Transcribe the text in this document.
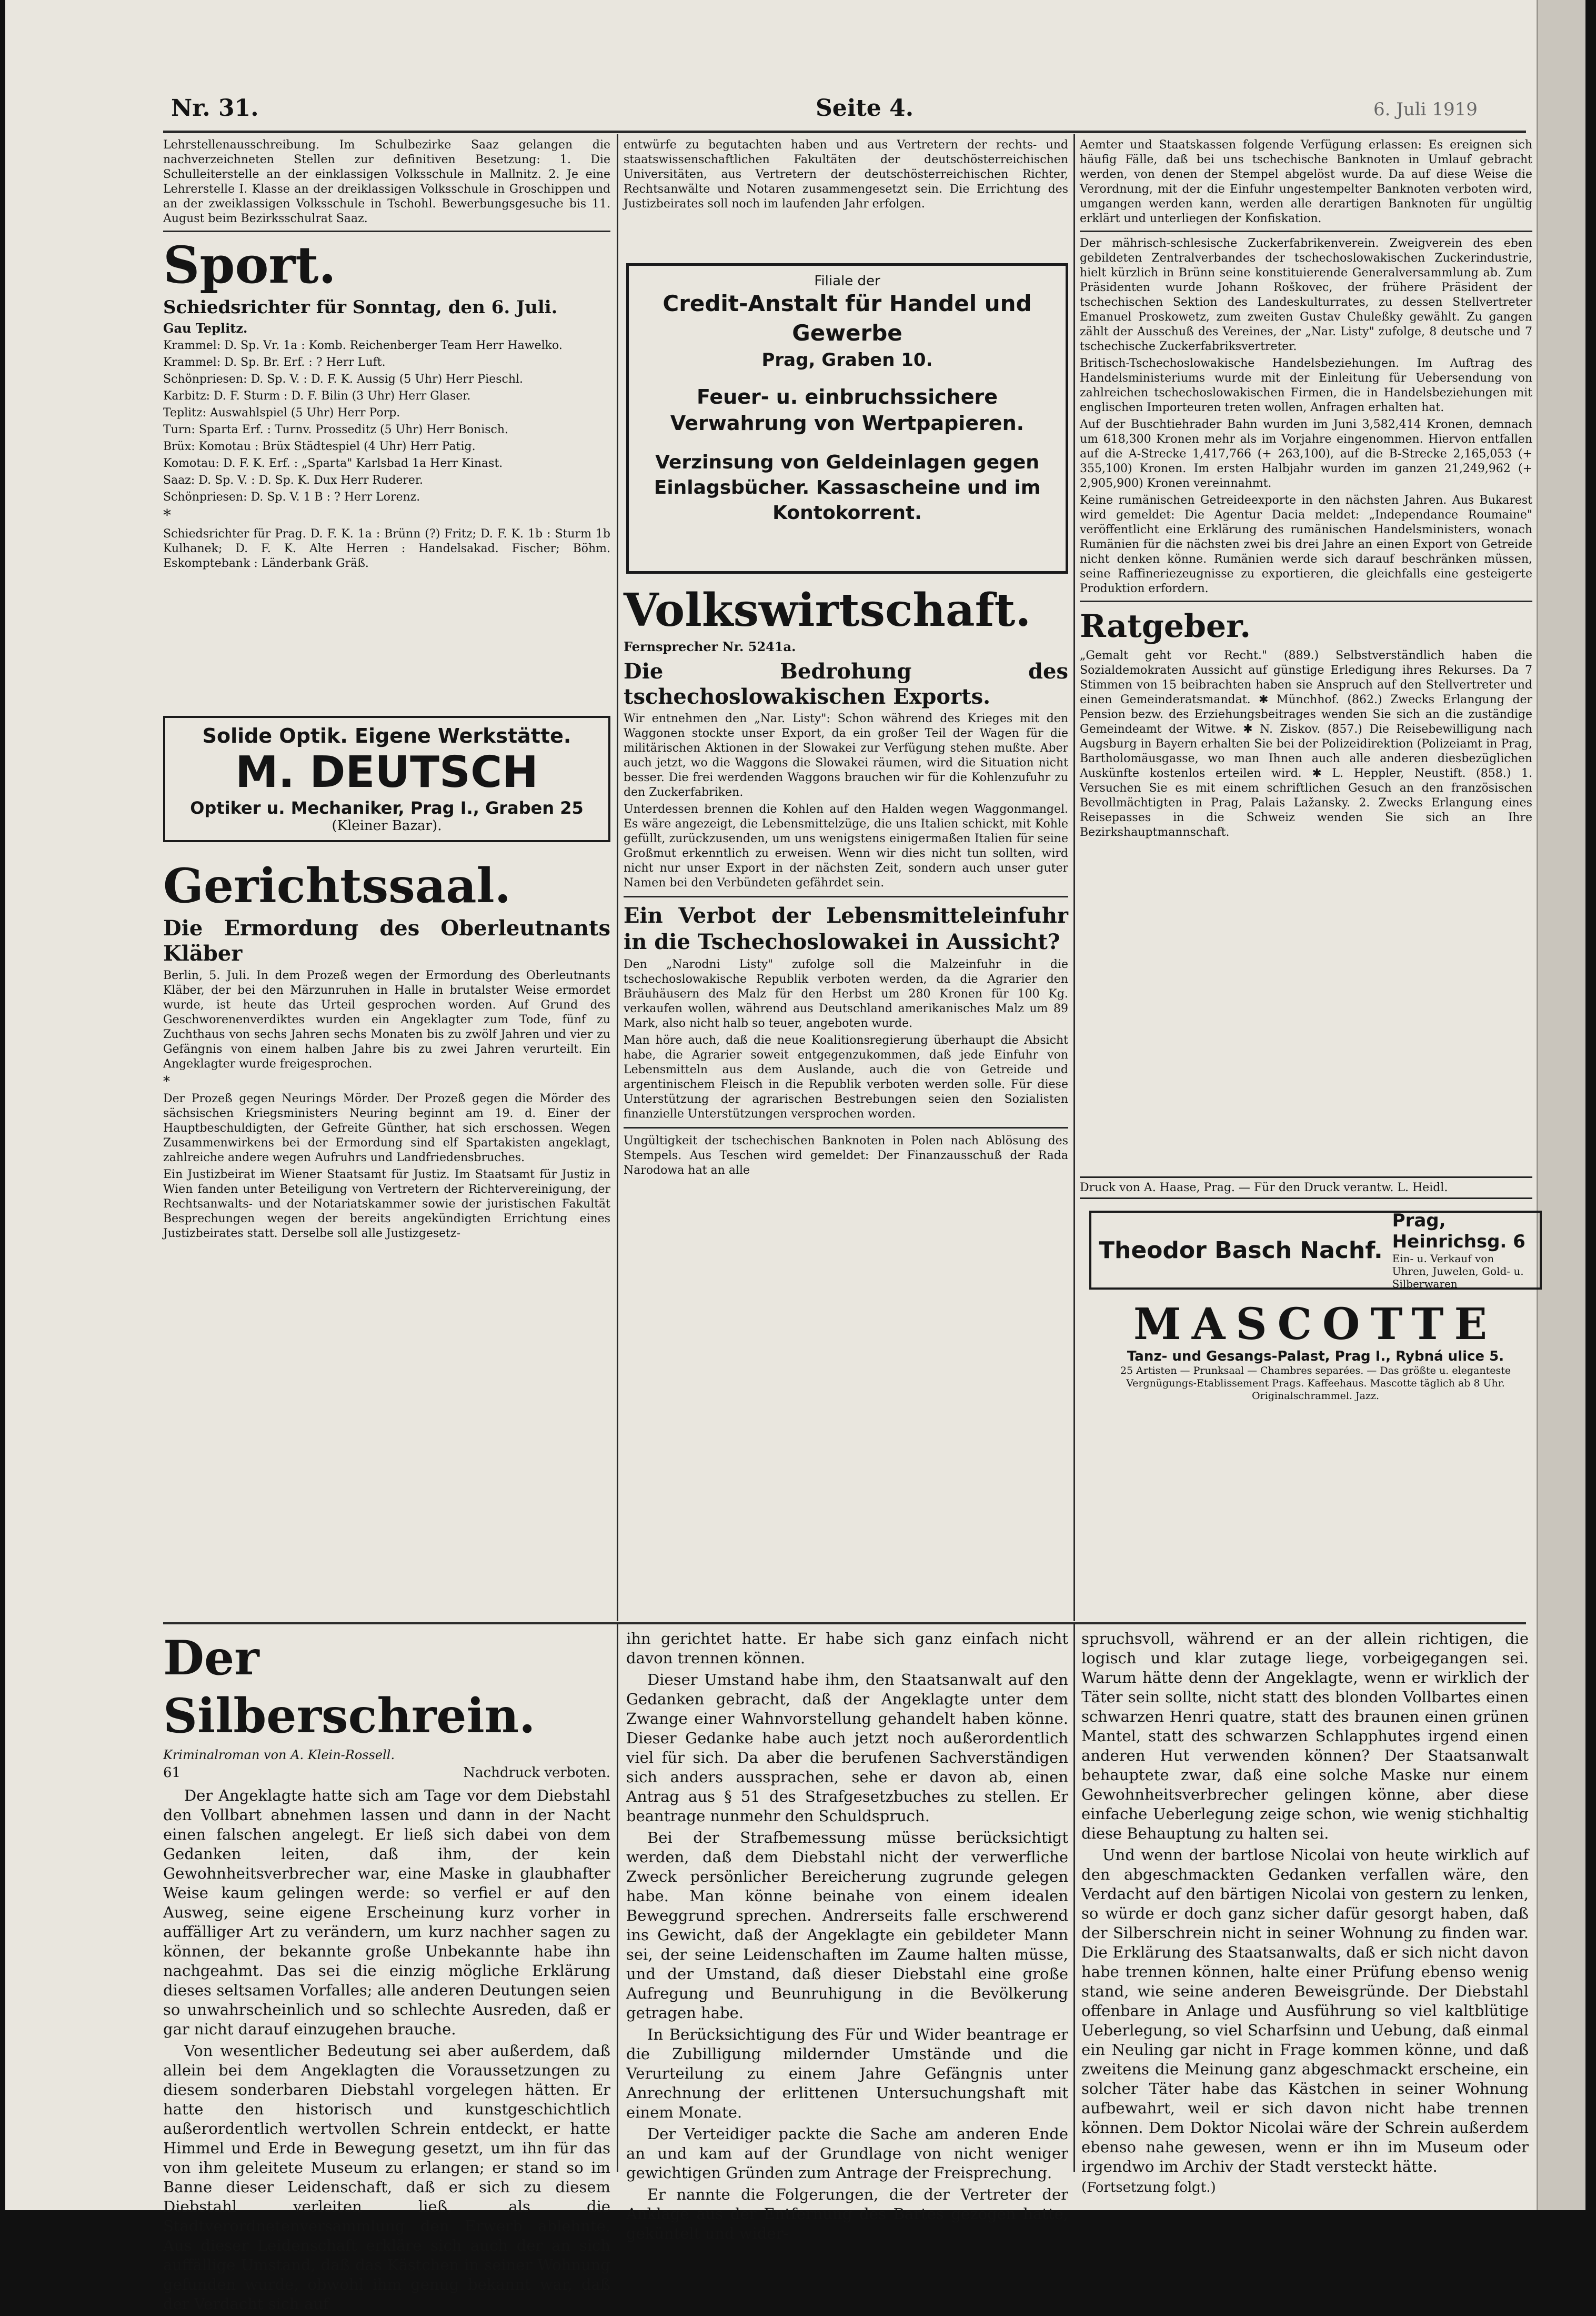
Nr. 31.	Seite 4.	6. Juli 1919

Lehrstellenausschreibung. Im Schulbezirke Saaz gelangen die nachverzeichneten Stellen zur definitiven Besetzung: 1. Die Schulleiterstelle an der einklassigen Volksschule in Mallnitz. 2. Je eine Lehrerstelle I. Klasse an der dreiklassigen Volksschule in Groschippen und an der zweiklassigen Volksschule in Tschohl. Bewerbungsgesuche bis 11. August beim Bezirksschulrat Saaz.

Sport.

Schiedsrichter für Sonntag, den 6. Juli.

Gau Teplitz.

Krammel: D. Sp. Vr. 1a : Komb. Reichenberger Team Herr Hawelko.

Krammel: D. Sp. Br. Erf. : ? Herr Luft.

Schönpriesen: D. Sp. V. : D. F. K. Aussig (5 Uhr) Herr Pieschl.

Karbitz: D. F. Sturm : D. F. Bilin (3 Uhr) Herr Glaser.

Teplitz: Auswahlspiel (5 Uhr) Herr Porp.

Turn: Sparta Erf. : Turnv. Prosseditz (5 Uhr) Herr Bonisch.

Brüx: Komotau : Brüx Städtespiel (4 Uhr) Herr Patig.

Komotau: D. F. K. Erf. : „Sparta" Karlsbad 1a Herr Kinast.

Saaz: D. Sp. V. : D. Sp. K. Dux Herr Ruderer.

Schönpriesen: D. Sp. V. 1 B : ? Herr Lorenz.

*

Schiedsrichter für Prag. D. F. K. 1a : Brünn (?) Fritz; D. F. K. 1b : Sturm 1b Kulhanek; D. F. K. Alte Herren : Handelsakad. Fischer; Böhm. Eskomptebank : Länderbank Gräß.

Solide Optik. Eigene Werkstätte.

M. DEUTSCH

Optiker u. Mechaniker, Prag I., Graben 25

(Kleiner Bazar).

Gerichtssaal.

Die Ermordung des Oberleutnants Kläber

Berlin, 5. Juli. In dem Prozeß wegen der Ermordung des Oberleutnants Kläber, der bei den Märzunruhen in Halle in brutalster Weise ermordet wurde, ist heute das Urteil gesprochen worden. Auf Grund des Geschworenenverdiktes wurden ein Angeklagter zum Tode, fünf zu Zuchthaus von sechs Jahren sechs Monaten bis zu zwölf Jahren und vier zu Gefängnis von einem halben Jahre bis zu zwei Jahren verurteilt. Ein Angeklagter wurde freigesprochen.

*

Der Prozeß gegen Neurings Mörder. Der Prozeß gegen die Mörder des sächsischen Kriegsministers Neuring beginnt am 19. d. Einer der Hauptbeschuldigten, der Gefreite Günther, hat sich erschossen. Wegen Zusammenwirkens bei der Ermordung sind elf Spartakisten angeklagt, zahlreiche andere wegen Aufruhrs und Landfriedensbruches.

Ein Justizbeirat im Wiener Staatsamt für Justiz. Im Staatsamt für Justiz in Wien fanden unter Beteiligung von Vertretern der Richtervereinigung, der Rechtsanwalts- und der Notariatskammer sowie der juristischen Fakultät Besprechungen wegen der bereits angekündigten Errichtung eines Justizbeirates statt. Derselbe soll alle Justizgesetz-

entwürfe zu begutachten haben und aus Vertretern der rechts- und staatswissenschaftlichen Fakultäten der deutschösterreichischen Universitäten, aus Vertretern der deutschösterreichischen Richter, Rechtsanwälte und Notaren zusammengesetzt sein. Die Errichtung des Justizbeirates soll noch im laufenden Jahr erfolgen.

Filiale der

Credit-Anstalt für Handel und Gewerbe

Prag, Graben 10.

Feuer- u. einbruchssichere Verwahrung von Wertpapieren.

Verzinsung von Geldeinlagen gegen Einlagsbücher. Kassascheine und im Kontokorrent.

Volkswirtschaft.

Fernsprecher Nr. 5241a.

Die Bedrohung des tschechoslowakischen Exports.

Wir entnehmen den „Nar. Listy": Schon während des Krieges mit den Waggonen stockte unser Export, da ein großer Teil der Wagen für die militärischen Aktionen in der Slowakei zur Verfügung stehen mußte. Aber auch jetzt, wo die Waggons die Slowakei räumen, wird die Situation nicht besser. Die frei werdenden Waggons brauchen wir für die Kohlenzufuhr zu den Zuckerfabriken.

Unterdessen brennen die Kohlen auf den Halden wegen Waggonmangel. Es wäre angezeigt, die Lebensmittelzüge, die uns Italien schickt, mit Kohle gefüllt, zurückzusenden, um uns wenigstens einigermaßen Italien für seine Großmut erkenntlich zu erweisen. Wenn wir dies nicht tun sollten, wird nicht nur unser Export in der nächsten Zeit, sondern auch unser guter Namen bei den Verbündeten gefährdet sein.

Ein Verbot der Lebensmitteleinfuhr in die Tschechoslowakei in Aussicht?

Den „Narodni Listy" zufolge soll die Malzeinfuhr in die tschechoslowakische Republik verboten werden, da die Agrarier den Bräuhäusern des Malz für den Herbst um 280 Kronen für 100 Kg. verkaufen wollen, während aus Deutschland amerikanisches Malz um 89 Mark, also nicht halb so teuer, angeboten wurde.

Man höre auch, daß die neue Koalitionsregierung überhaupt die Absicht habe, die Agrarier soweit entgegenzukommen, daß jede Einfuhr von Lebensmitteln aus dem Auslande, auch die von Getreide und argentinischem Fleisch in die Republik verboten werden solle. Für diese Unterstützung der agrarischen Bestrebungen seien den Sozialisten finanzielle Unterstützungen versprochen worden.

Ungültigkeit der tschechischen Banknoten in Polen nach Ablösung des Stempels. Aus Teschen wird gemeldet: Der Finanzausschuß der Rada Narodowa hat an alle

Aemter und Staatskassen folgende Verfügung erlassen: Es ereignen sich häufig Fälle, daß bei uns tschechische Banknoten in Umlauf gebracht werden, von denen der Stempel abgelöst wurde. Da auf diese Weise die Verordnung, mit der die Einfuhr ungestempelter Banknoten verboten wird, umgangen werden kann, werden alle derartigen Banknoten für ungültig erklärt und unterliegen der Konfiskation.

Der mährisch-schlesische Zuckerfabrikenverein. Zweigverein des eben gebildeten Zentralverbandes der tschechoslowakischen Zuckerindustrie, hielt kürzlich in Brünn seine konstituierende Generalversammlung ab. Zum Präsidenten wurde Johann Roškovec, der frühere Präsident der tschechischen Sektion des Landeskulturrates, zu dessen Stellvertreter Emanuel Proskowetz, zum zweiten Gustav Chuleßky gewählt. Zu gangen zählt der Ausschuß des Vereines, der „Nar. Listy" zufolge, 8 deutsche und 7 tschechische Zuckerfabriksvertreter.

Britisch-Tschechoslowakische Handelsbeziehungen. Im Auftrag des Handelsministeriums wurde mit der Einleitung für Uebersendung von zahlreichen tschechoslowakischen Firmen, die in Handelsbeziehungen mit englischen Importeuren treten wollen, Anfragen erhalten hat.

Auf der Buschtiehrader Bahn wurden im Juni 3,582,414 Kronen, demnach um 618,300 Kronen mehr als im Vorjahre eingenommen. Hiervon entfallen auf die A-Strecke 1,417,766 (+ 263,100), auf die B-Strecke 2,165,053 (+ 355,100) Kronen. Im ersten Halbjahr wurden im ganzen 21,249,962 (+ 2,905,900) Kronen vereinnahmt.

Keine rumänischen Getreideexporte in den nächsten Jahren. Aus Bukarest wird gemeldet: Die Agentur Dacia meldet: „Independance Roumaine" veröffentlicht eine Erklärung des rumänischen Handelsministers, wonach Rumänien für die nächsten zwei bis drei Jahre an einen Export von Getreide nicht denken könne. Rumänien werde sich darauf beschränken müssen, seine Raffineriezeugnisse zu exportieren, die gleichfalls eine gesteigerte Produktion erfordern.

Ratgeber.

„Gemalt geht vor Recht." (889.) Selbstverständlich haben die Sozialdemokraten Aussicht auf günstige Erledigung ihres Rekurses. Da 7 Stimmen von 15 beibrachten haben sie Anspruch auf den Stellvertreter und einen Gemeinderatsmandat. ✱ Münchhof. (862.) Zwecks Erlangung der Pension bezw. des Erziehungsbeitrages wenden Sie sich an die zuständige Gemeindeamt der Witwe. ✱ N. Ziskov. (857.) Die Reisebewilligung nach Augsburg in Bayern erhalten Sie bei der Polizeidirektion (Polizeiamt in Prag, Bartholomäusgasse, wo man Ihnen auch alle anderen diesbezüglichen Auskünfte kostenlos erteilen wird. ✱ L. Heppler, Neustift. (858.) 1. Versuchen Sie es mit einem schriftlichen Gesuch an den französischen Bevollmächtigten in Prag, Palais Lažansky. 2. Zwecks Erlangung eines Reisepasses in die Schweiz wenden Sie sich an Ihre Bezirkshauptmannschaft.

Druck von A. Haase, Prag. — Für den Druck verantw. L. Heidl.
Theodor Basch Nachf.
Prag, Heinrichsg. 6
Ein- u. Verkauf von Uhren, Juwelen, Gold- u. Silberwaren
MASCOTTE
Tanz- und Gesangs-Palast, Prag I., Rybná ulice 5.
25 Artisten — Prunksaal — Chambres separées. — Das größte u. eleganteste Vergnügungs-Etablissement Prags. Kaffeehaus. Mascotte täglich ab 8 Uhr. Originalschrammel. Jazz.

Der Silberschrein.

Kriminalroman von A. Klein-Rossell.

61	Nachdruck verboten.

Der Angeklagte hatte sich am Tage vor dem Diebstahl den Vollbart abnehmen lassen und dann in der Nacht einen falschen angelegt. Er ließ sich dabei von dem Gedanken leiten, daß ihm, der kein Gewohnheitsverbrecher war, eine Maske in glaubhafter Weise kaum gelingen werde: so verfiel er auf den Ausweg, seine eigene Erscheinung kurz vorher in auffälliger Art zu verändern, um kurz nachher sagen zu können, der bekannte große Unbekannte habe ihn nachgeahmt. Das sei die einzig mögliche Erklärung dieses seltsamen Vorfalles; alle anderen Deutungen seien so unwahrscheinlich und so schlechte Ausreden, daß er gar nicht darauf einzugehen brauche.

Von wesentlicher Bedeutung sei aber außerdem, daß allein bei dem Angeklagten die Voraussetzungen zu diesem sonderbaren Diebstahl vorgelegen hätten. Er hatte den historisch und kunstgeschichtlich außerordentlich wertvollen Schrein entdeckt, er hatte Himmel und Erde in Bewegung gesetzt, um ihn für das von ihm geleitete Museum zu erlangen; er stand so im Banne dieser Leidenschaft, daß er sich zu diesem Diebstahl verleiten ließ, als die Stadtverordnetenversammlung den Erwerb ablehnte. Aus dieser Leidenschaft erkläre sich auch der an sich auffällige Umstand, daß das Kästchen in seiner Wohnung gefunden wurde, obwohl ihm genug bekannt war, daß der Verdacht sich auf

ihn gerichtet hatte. Er habe sich ganz einfach nicht davon trennen können.

Dieser Umstand habe ihm, den Staatsanwalt auf den Gedanken gebracht, daß der Angeklagte unter dem Zwange einer Wahnvorstellung gehandelt haben könne. Dieser Gedanke habe auch jetzt noch außerordentlich viel für sich. Da aber die berufenen Sachverständigen sich anders aussprachen, sehe er davon ab, einen Antrag aus § 51 des Strafgesetzbuches zu stellen. Er beantrage nunmehr den Schuldspruch.

Bei der Strafbemessung müsse berücksichtigt werden, daß dem Diebstahl nicht der verwerfliche Zweck persönlicher Bereicherung zugrunde gelegen habe. Man könne beinahe von einem idealen Beweggrund sprechen. Andrerseits falle erschwerend ins Gewicht, daß der Angeklagte ein gebildeter Mann sei, der seine Leidenschaften im Zaume halten müsse, und der Umstand, daß dieser Diebstahl eine große Aufregung und Beunruhigung in die Bevölkerung getragen habe.

In Berücksichtigung des Für und Wider beantrage er die Zubilligung mildernder Umstände und die Verurteilung zu einem Jahre Gefängnis unter Anrechnung der erlittenen Untersuchungshaft mit einem Monate.

Der Verteidiger packte die Sache am anderen Ende an und kam auf der Grundlage von nicht weniger gewichtigen Gründen zum Antrage der Freisprechung.

Er nannte die Folgerungen, die der Vertreter der Anklage aus der Entfernung des Bartes gezogen hatte, geküntelt und wider-

spruchsvoll, während er an der allein richtigen, die logisch und klar zutage liege, vorbeigegangen sei. Warum hätte denn der Angeklagte, wenn er wirklich der Täter sein sollte, nicht statt des blonden Vollbartes einen schwarzen Henri quatre, statt des braunen einen grünen Mantel, statt des schwarzen Schlapphutes irgend einen anderen Hut verwenden können? Der Staatsanwalt behauptete zwar, daß eine solche Maske nur einem Gewohnheitsverbrecher gelingen könne, aber diese einfache Ueberlegung zeige schon, wie wenig stichhaltig diese Behauptung zu halten sei.

Und wenn der bartlose Nicolai von heute wirklich auf den abgeschmackten Gedanken verfallen wäre, den Verdacht auf den bärtigen Nicolai von gestern zu lenken, so würde er doch ganz sicher dafür gesorgt haben, daß der Silberschrein nicht in seiner Wohnung zu finden war. Die Erklärung des Staatsanwalts, daß er sich nicht davon habe trennen können, halte einer Prüfung ebenso wenig stand, wie seine anderen Beweisgründe. Der Diebstahl offenbare in Anlage und Ausführung so viel kaltblütige Ueberlegung, so viel Scharfsinn und Uebung, daß einmal ein Neuling gar nicht in Frage kommen könne, und daß zweitens die Meinung ganz abgeschmackt erscheine, ein solcher Täter habe das Kästchen in seiner Wohnung aufbewahrt, weil er sich davon nicht habe trennen können. Dem Doktor Nicolai wäre der Schrein außerdem ebenso nahe gewesen, wenn er ihn im Museum oder irgendwo im Archiv der Stadt versteckt hätte.

(Fortsetzung folgt.)
